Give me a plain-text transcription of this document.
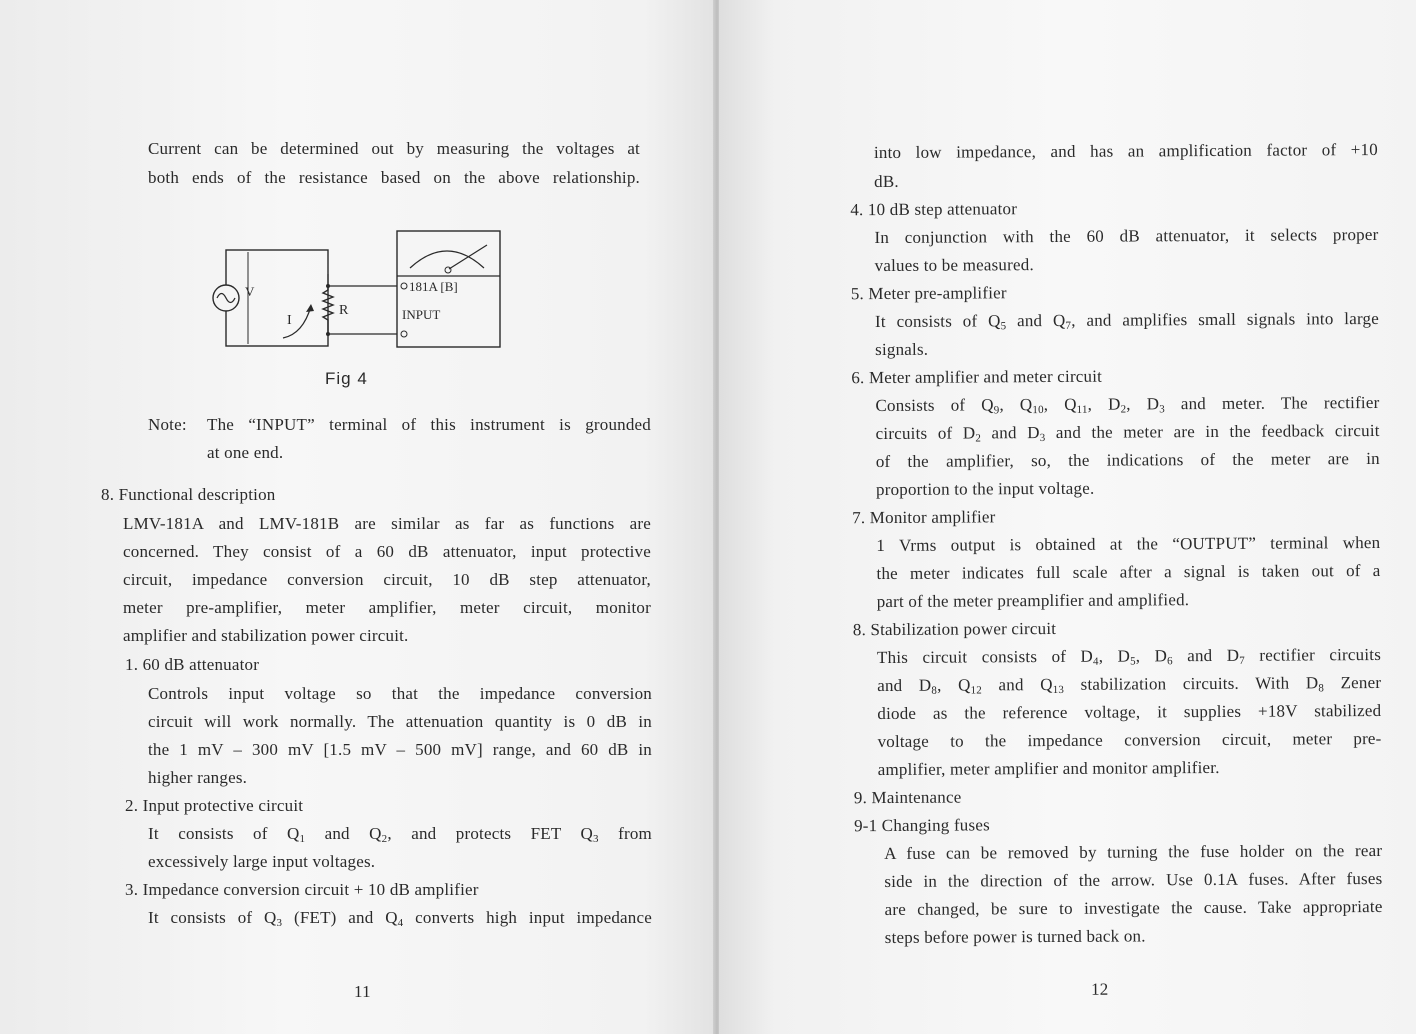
Current can be determined out by measuring the voltages at
both ends of the resistance based on the above relationship.
V
R
I
181A [B]
INPUT
Fig 4
Note: The “INPUT” terminal of this instrument is grounded
at one end.
8. Functional description
LMV-181A and LMV-181B are similar as far as functions are
concerned. They consist of a 60 dB attenuator, input protective
circuit, impedance conversion circuit, 10 dB step attenuator,
meter pre-amplifier, meter amplifier, meter circuit, monitor
amplifier and stabilization power circuit.
1. 60 dB attenuator
Controls input voltage so that the impedance conversion
circuit will work normally. The attenuation quantity is 0 dB in
the 1 mV – 300 mV [1.5 mV – 500 mV] range, and 60 dB in
higher ranges.
2. Input protective circuit
It consists of $Q_1$ and $Q_2$, and protects FET $Q_3$ from
excessively large input voltages.
3. Impedance conversion circuit + 10 dB amplifier
It consists of $Q_3$ (FET) and $Q_4$ converts high input impedance
11
into low impedance, and has an amplification factor of +10
dB.
4. 10 dB step attenuator
In conjunction with the 60 dB attenuator, it selects proper
values to be measured.
5. Meter pre-amplifier
It consists of $Q_5$ and $Q_7$, and amplifies small signals into large
signals.
6. Meter amplifier and meter circuit
Consists of $Q_9$, $Q_{10}$, $Q_{11}$, $D_2$, $D_3$ and meter. The rectifier
circuits of $D_2$ and $D_3$ and the meter are in the feedback circuit
of the amplifier, so, the indications of the meter are in
proportion to the input voltage.
7. Monitor amplifier
1 Vrms output is obtained at the “OUTPUT” terminal when
the meter indicates full scale after a signal is taken out of a
part of the meter preamplifier and amplified.
8. Stabilization power circuit
This circuit consists of $D_4$, $D_5$, $D_6$ and $D_7$ rectifier circuits
and $D_8$, $Q_{12}$ and $Q_{13}$ stabilization circuits. With $D_8$ Zener
diode as the reference voltage, it supplies +18V stabilized
voltage to the impedance conversion circuit, meter pre-
amplifier, meter amplifier and monitor amplifier.
9. Maintenance
9-1 Changing fuses
A fuse can be removed by turning the fuse holder on the rear
side in the direction of the arrow. Use 0.1A fuses. After fuses
are changed, be sure to investigate the cause. Take appropriate
steps before power is turned back on.
12
